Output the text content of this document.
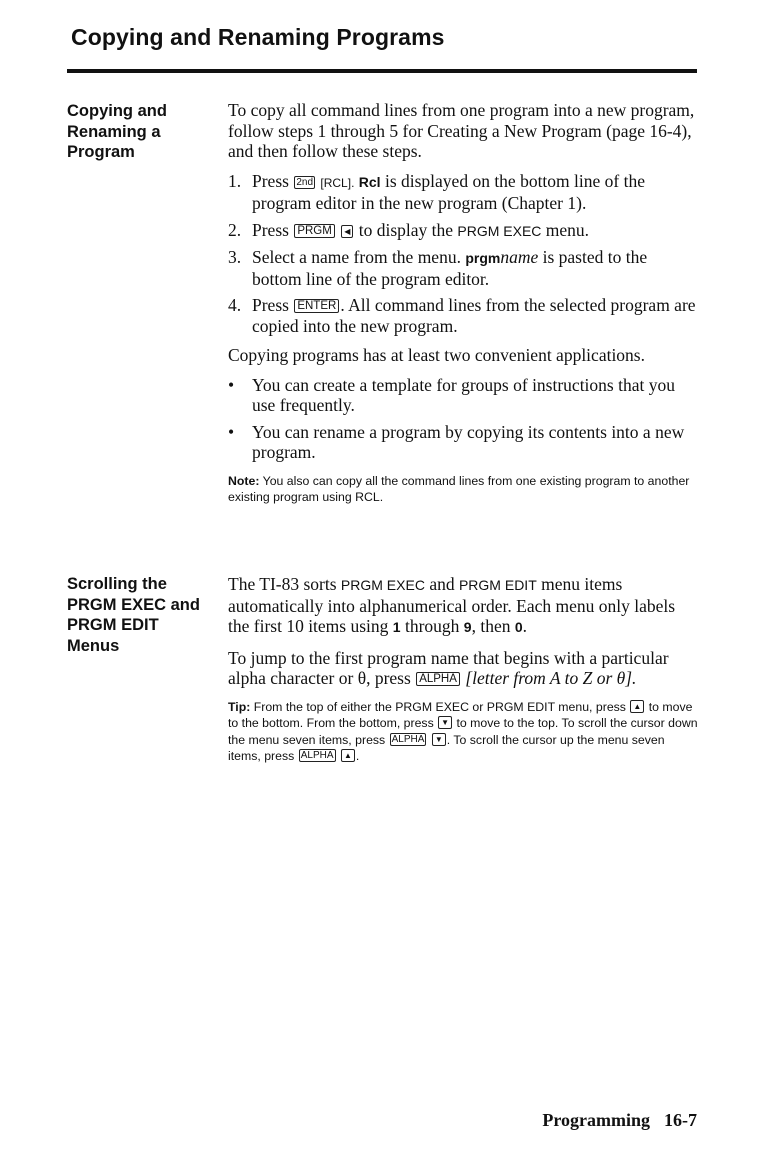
Copying and Renaming Programs
Copying and
Renaming a
Program

To copy all command lines from one program into a new program, follow steps 1 through 5 for Creating a New Program (page 16-4), and then follow these steps.

1. Press 2nd [RCL]. Rcl is displayed on the bottom line of the program editor in the new program (Chapter 1).

2. Press PRGM ◀ to display the PRGM EXEC menu.

3. Select a name from the menu. prgmname is pasted to the bottom line of the program editor.

4. Press ENTER . All command lines from the selected program are copied into the new program.

Copying programs has at least two convenient applications.

• You can create a template for groups of instructions that you use frequently.

• You can rename a program by copying its contents into a new program.

Note: You also can copy all the command lines from one existing program to another existing program using RCL.

Scrolling the
PRGM EXEC and
PRGM EDIT
Menus

The TI-83 sorts PRGM EXEC and PRGM EDIT menu items automatically into alphanumerical order. Each menu only labels the first 10 items using 1 through 9, then 0.

To jump to the first program name that begins with a particular alpha character or θ, press ALPHA [letter from A to Z or θ].

Tip: From the top of either the PRGM EXEC or PRGM EDIT menu, press ▲ to move to the bottom. From the bottom, press ▼ to move to the top. To scroll the cursor down the menu seven items, press ALPHA ▼ . To scroll the cursor up the menu seven items, press ALPHA ▲ .

Programming 16-7
